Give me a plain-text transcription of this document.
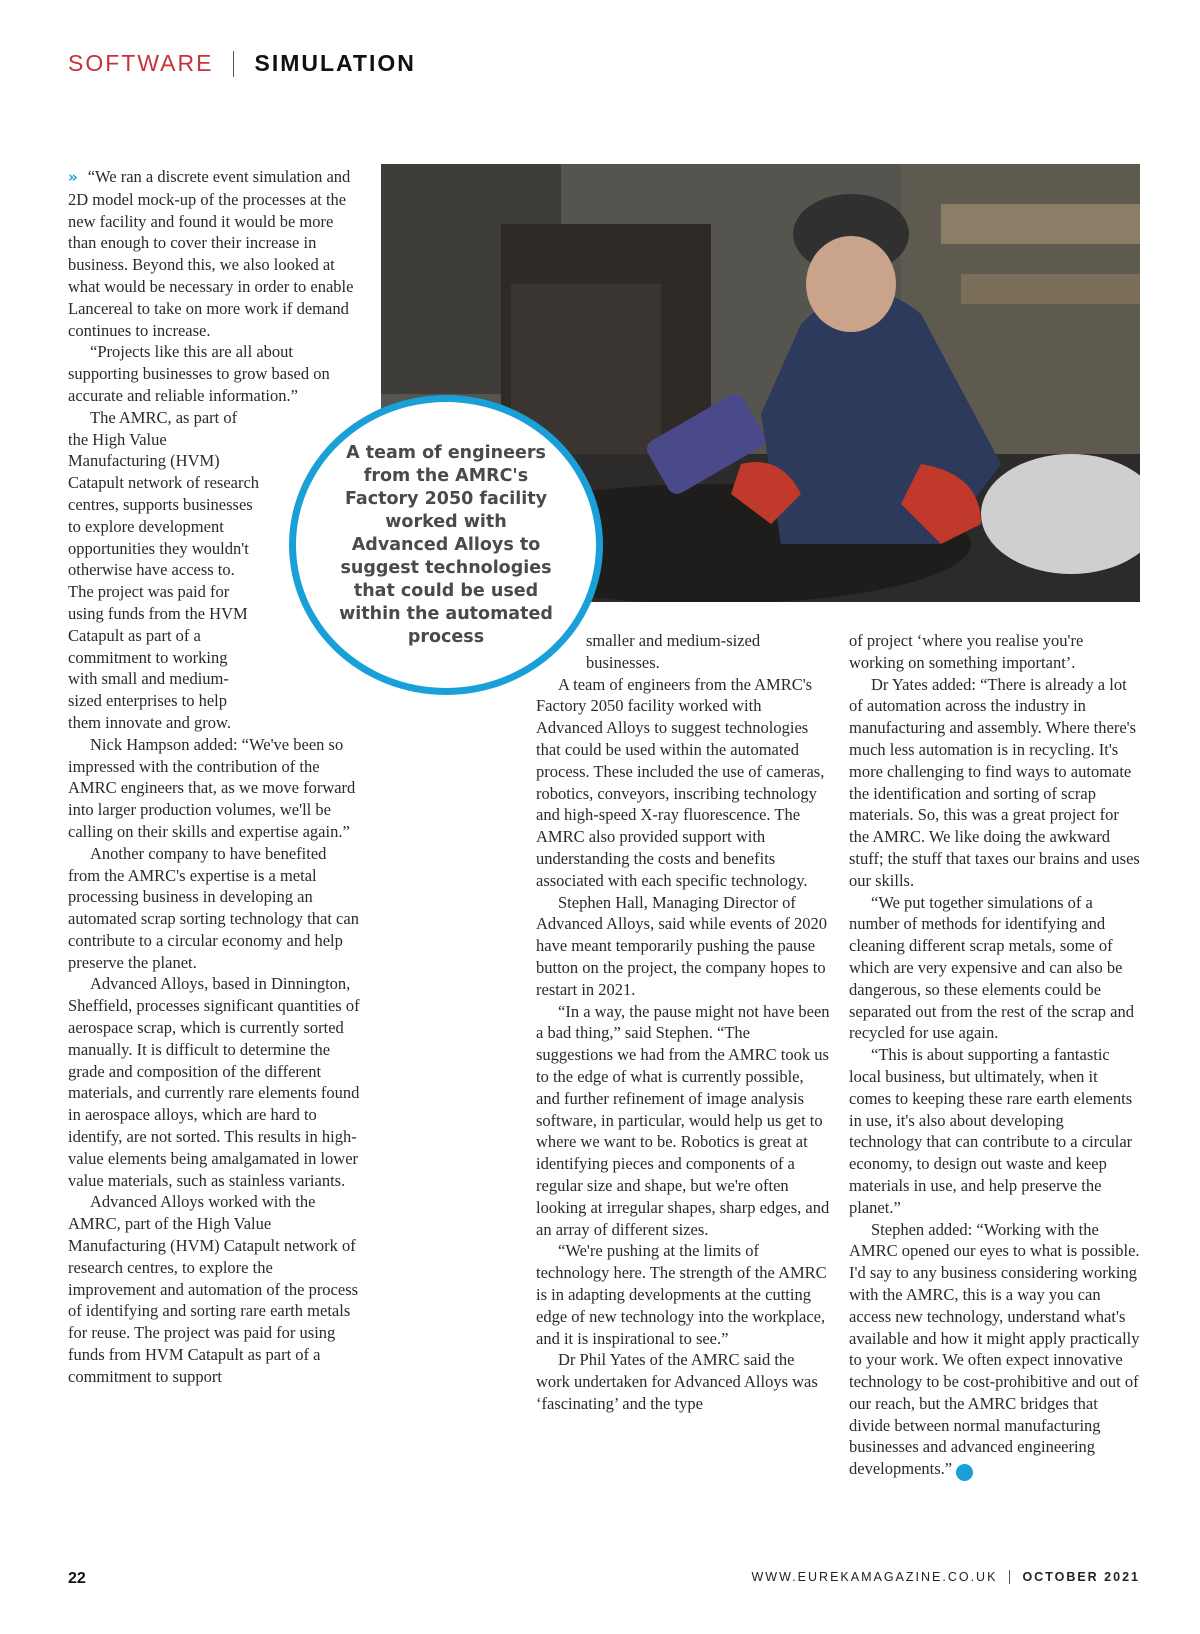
SOFTWARE SIMULATION

» “We ran a discrete event simulation and 2D model mock-up of the processes at the new facility and found it would be more than enough to cover their increase in business. Beyond this, we also looked at what would be necessary in order to enable Lancereal to take on more work if demand continues to increase.

“Projects like this are all about supporting businesses to grow based on accurate and reliable information.”

The AMRC, as part of the High Value Manufacturing (HVM) Catapult network of research centres, supports businesses to explore development opportunities they wouldn't otherwise have access to. The project was paid for using funds from the HVM Catapult as part of a commitment to working with small and medium-sized enterprises to help them innovate and grow.

Nick Hampson added: “We've been so impressed with the contribution of the AMRC engineers that, as we move forward into larger production volumes, we'll be calling on their skills and expertise again.”

Another company to have benefited from the AMRC's expertise is a metal processing business in developing an automated scrap sorting technology that can contribute to a circular economy and help preserve the planet.

Advanced Alloys, based in Dinnington, Sheffield, processes significant quantities of aerospace scrap, which is currently sorted manually. It is difficult to determine the grade and composition of the different materials, and currently rare elements found in aerospace alloys, which are hard to identify, are not sorted. This results in high-value elements being amalgamated in lower value materials, such as stainless variants.

Advanced Alloys worked with the AMRC, part of the High Value Manufacturing (HVM) Catapult network of research centres, to explore the improvement and automation of the process of identifying and sorting rare earth metals for reuse. The project was paid for using funds from HVM Catapult as part of a commitment to support

smaller and medium-sized businesses.

A team of engineers from the AMRC's Factory 2050 facility worked with Advanced Alloys to suggest technologies that could be used within the automated process. These included the use of cameras, robotics, conveyors, inscribing technology and high-speed X-ray fluorescence. The AMRC also provided support with understanding the costs and benefits associated with each specific technology.

Stephen Hall, Managing Director of Advanced Alloys, said while events of 2020 have meant temporarily pushing the pause button on the project, the company hopes to restart in 2021.

“In a way, the pause might not have been a bad thing,” said Stephen. “The suggestions we had from the AMRC took us to the edge of what is currently possible, and further refinement of image analysis software, in particular, would help us get to where we want to be. Robotics is great at identifying pieces and components of a regular size and shape, but we're often looking at irregular shapes, sharp edges, and an array of different sizes.

“We're pushing at the limits of technology here. The strength of the AMRC is in adapting developments at the cutting edge of new technology into the workplace, and it is inspirational to see.”

Dr Phil Yates of the AMRC said the work undertaken for Advanced Alloys was ‘fascinating’ and the type

of project ‘where you realise you're working on something important’.

Dr Yates added: “There is already a lot of automation across the industry in manufacturing and assembly. Where there's much less automation is in recycling. It's more challenging to find ways to automate the identification and sorting of scrap materials. So, this was a great project for the AMRC. We like doing the awkward stuff; the stuff that taxes our brains and uses our skills.

“We put together simulations of a number of methods for identifying and cleaning different scrap metals, some of which are very expensive and can also be dangerous, so these elements could be separated out from the rest of the scrap and recycled for use again.

“This is about supporting a fantastic local business, but ultimately, when it comes to keeping these rare earth elements in use, it's also about developing technology that can contribute to a circular economy, to design out waste and keep materials in use, and help preserve the planet.”

Stephen added: “Working with the AMRC opened our eyes to what is possible. I'd say to any business considering working with the AMRC, this is a way you can access new technology, understand what's available and how it might apply practically to your work. We often expect innovative technology to be cost-prohibitive and out of our reach, but the AMRC bridges that divide between normal manufacturing businesses and advanced engineering developments.” !

A team of engineers from the AMRC's Factory 2050 facility worked with Advanced Alloys to suggest technologies that could be used within the automated process
22	WWW.EUREKAMAGAZINE.CO.UK OCTOBER 2021
